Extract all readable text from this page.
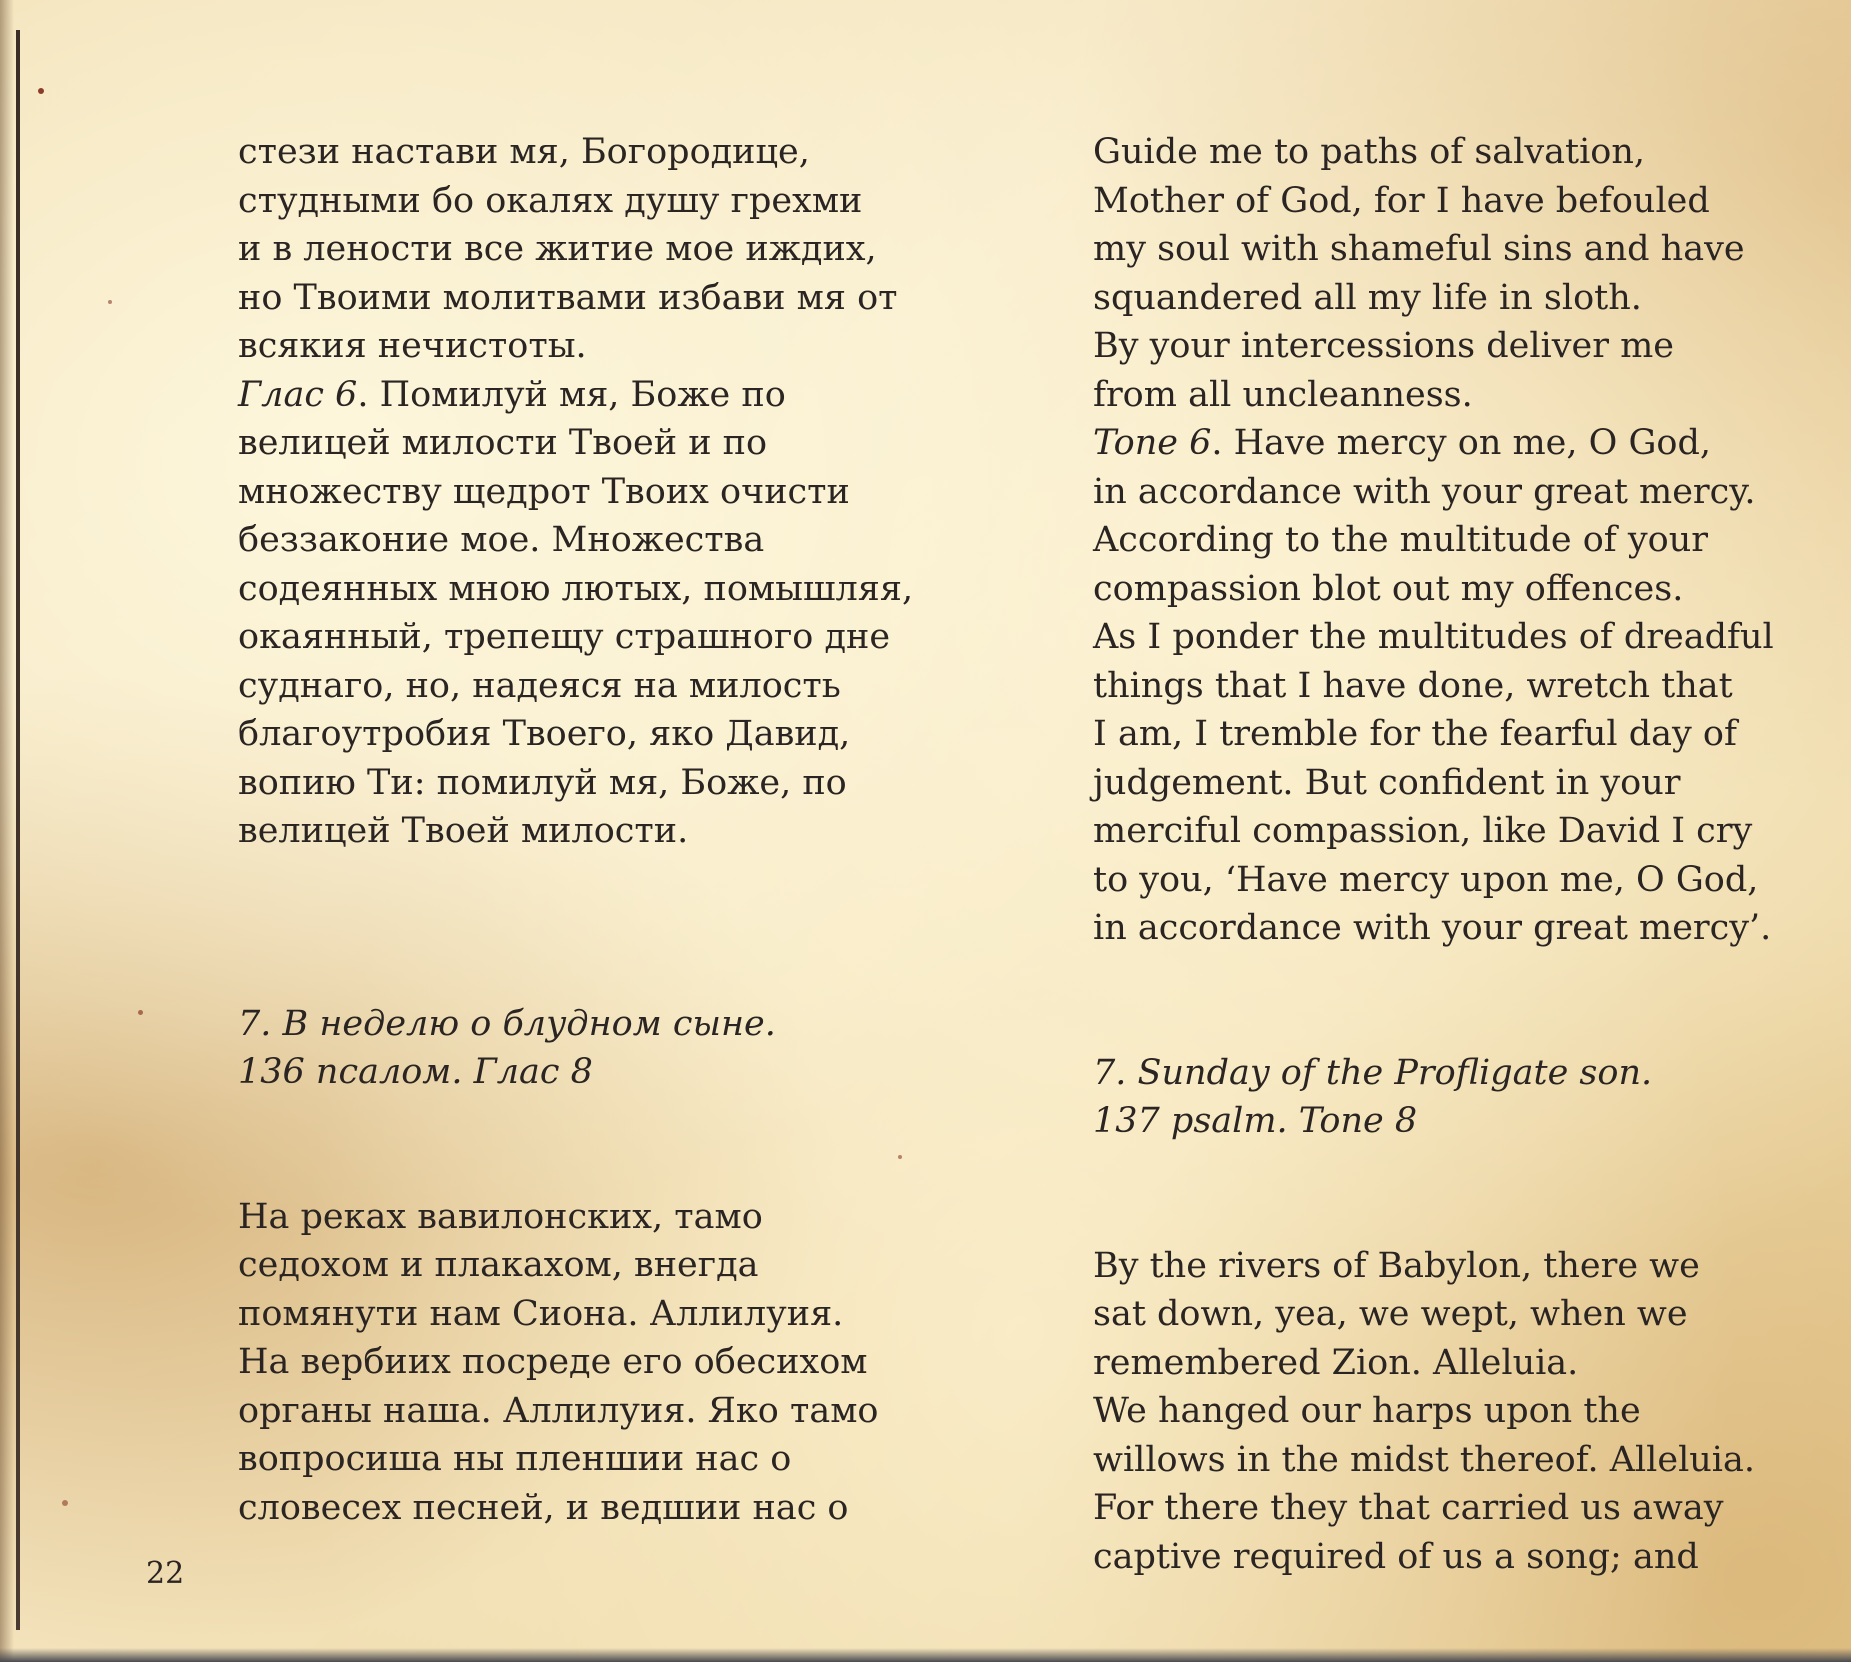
стези настави мя, Богородице,
студными бо окалях душу грехми
и в лености все житие мое иждих,
но Твоими молитвами избави мя от
всякия нечистоты.
Глас 6. Помилуй мя, Боже по
велицей милости Твоей и по
множеству щедрот Твоих очисти
беззаконие мое. Множества
содеянных мною лютых, помышляя,
окаянный, трепещу страшного дне
суднаго, но, надеяся на милость
благоутробия Твоего, яко Давид,
вопию Ти: помилуй мя, Боже, по
велицей Твоей милости.
7. В неделю о блудном сыне.
136 псалом. Глас 8
На реках вавилонских, тамо
седохом и плакахом, внегда
помянути нам Сиона. Аллилуия.
На вербиих посреде его обесихом
органы наша. Аллилуия. Яко тамо
вопросиша ны пленшии нас о
словесех песней, и ведшии нас о
Guide me to paths of salvation,
Mother of God, for I have befouled
my soul with shameful sins and have
squandered all my life in sloth.
By your intercessions deliver me
from all uncleanness.
Tone 6. Have mercy on me, O God,
in accordance with your great mercy.
According to the multitude of your
compassion blot out my offences.
As I ponder the multitudes of dreadful
things that I have done, wretch that
I am, I tremble for the fearful day of
judgement. But confident in your
merciful compassion, like David I cry
to you, ‘Have mercy upon me, O God,
in accordance with your great mercy’.
7. Sunday of the Profligate son.
137 psalm. Tone 8
By the rivers of Babylon, there we
sat down, yea, we wept, when we
remembered Zion. Alleluia.
We hanged our harps upon the
willows in the midst thereof. Alleluia.
For there they that carried us away
captive required of us a song; and
22
